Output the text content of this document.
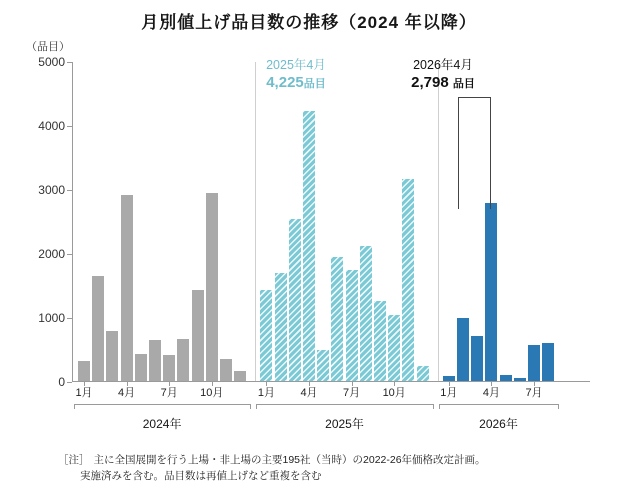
月別値上げ品目数の推移（2024 年以降）
（品目）
0
1000
2000
3000
4000
5000	2025年4月
4,225品目
2026年4月
2,798 品目
1月 4月 7月 10月	1月 4月 7月 10月	1月 4月 7月
2024年	2025年	2026年
［注］ 主に全国展開を行う上場・非上場の主要195社（当時）の2022-26年価格改定計画。
実施済みを含む。品目数は再値上げなど重複を含む
